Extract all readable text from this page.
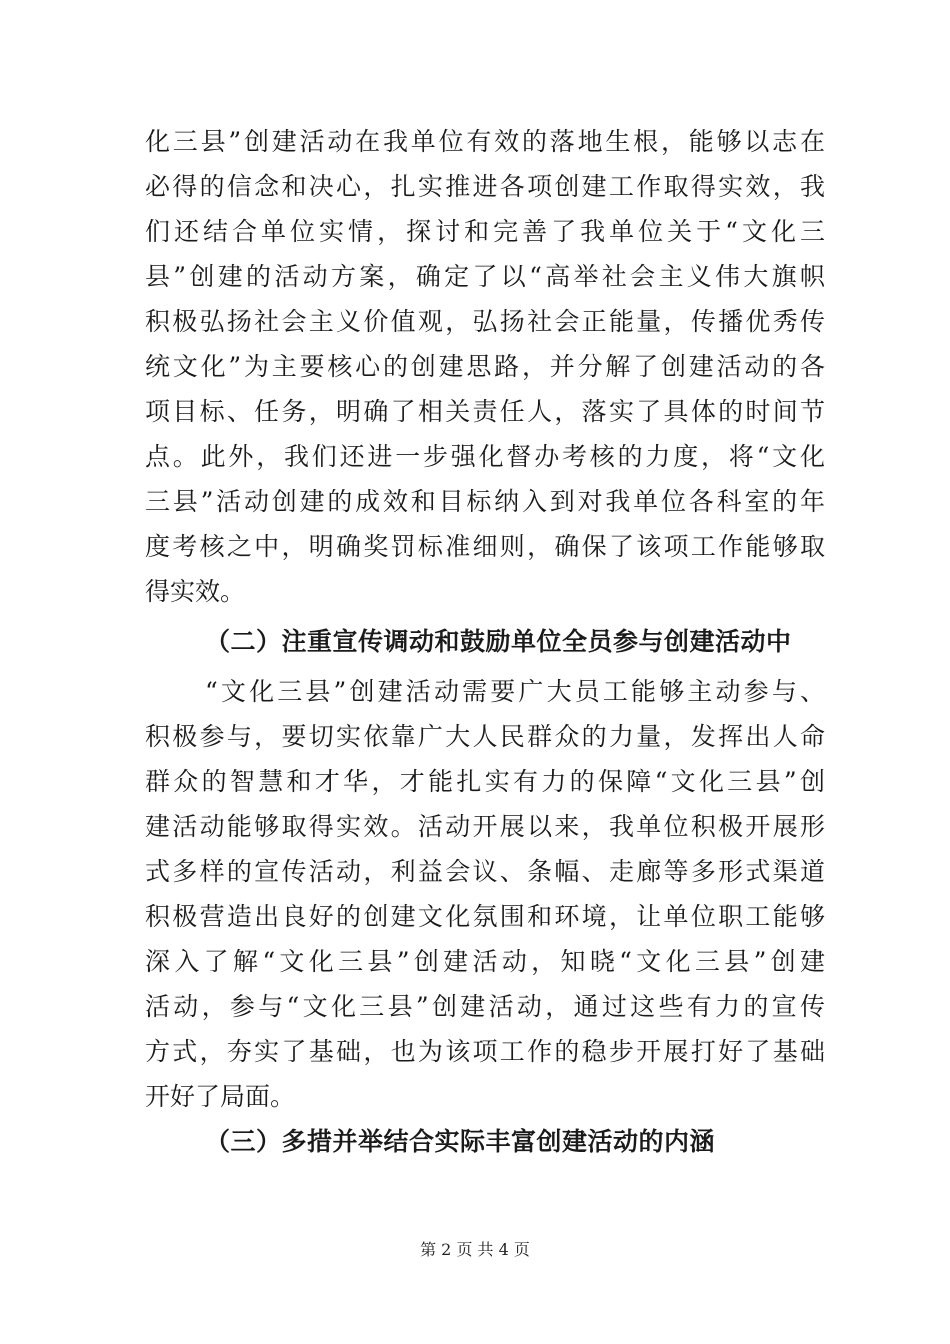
化三县”创建活动在我单位有效的落地生根，能够以志在
必得的信念和决心，扎实推进各项创建工作取得实效，我
们还结合单位实情，探讨和完善了我单位关于“文化三
县”创建的活动方案，确定了以“高举社会主义伟大旗帜
积极弘扬社会主义价值观，弘扬社会正能量，传播优秀传
统文化”为主要核心的创建思路，并分解了创建活动的各
项目标、任务，明确了相关责任人，落实了具体的时间节
点。此外，我们还进一步强化督办考核的力度，将“文化
三县”活动创建的成效和目标纳入到对我单位各科室的年
度考核之中，明确奖罚标准细则，确保了该项工作能够取
得实效。
（二）注重宣传调动和鼓励单位全员参与创建活动中
“文化三县”创建活动需要广大员工能够主动参与、
积极参与，要切实依靠广大人民群众的力量，发挥出人命
群众的智慧和才华，才能扎实有力的保障“文化三县”创
建活动能够取得实效。活动开展以来，我单位积极开展形
式多样的宣传活动，利益会议、条幅、走廊等多形式渠道
积极营造出良好的创建文化氛围和环境，让单位职工能够
深入了解“文化三县”创建活动，知晓“文化三县”创建
活动，参与“文化三县”创建活动，通过这些有力的宣传
方式，夯实了基础，也为该项工作的稳步开展打好了基础
开好了局面。
（三）多措并举结合实际丰富创建活动的内涵
第 2 页 共 4 页
